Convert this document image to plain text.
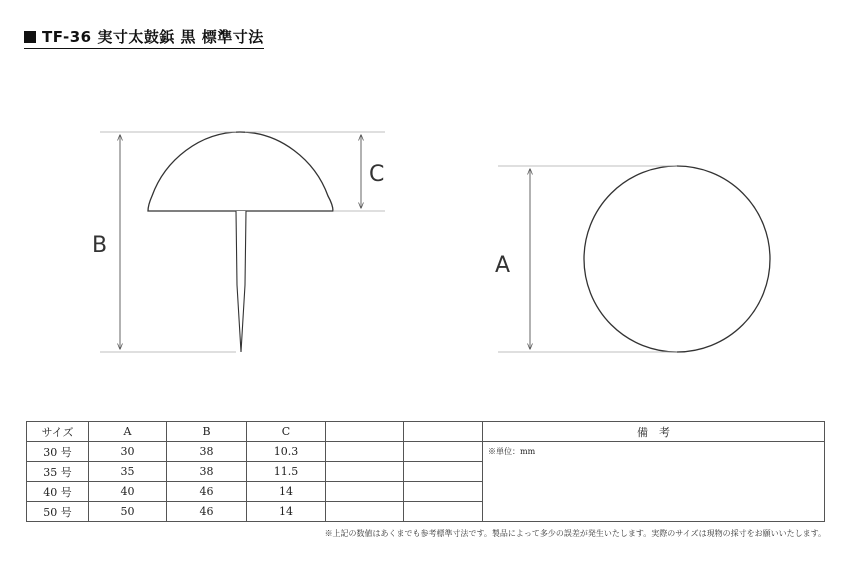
TF-36 実寸太鼓鋲 黒 標準寸法
B
C
A
サイズ	A	B	C			備　考
30 号	30	38	10.3			※単位：mm
35 号	35	38	11.5			
40 号	40	46	14			
50 号	50	46	14			
※上記の数値はあくまでも参考標準寸法です。製品によって多少の誤差が発生いたします。実際のサイズは現物の採寸をお願いいたします。
